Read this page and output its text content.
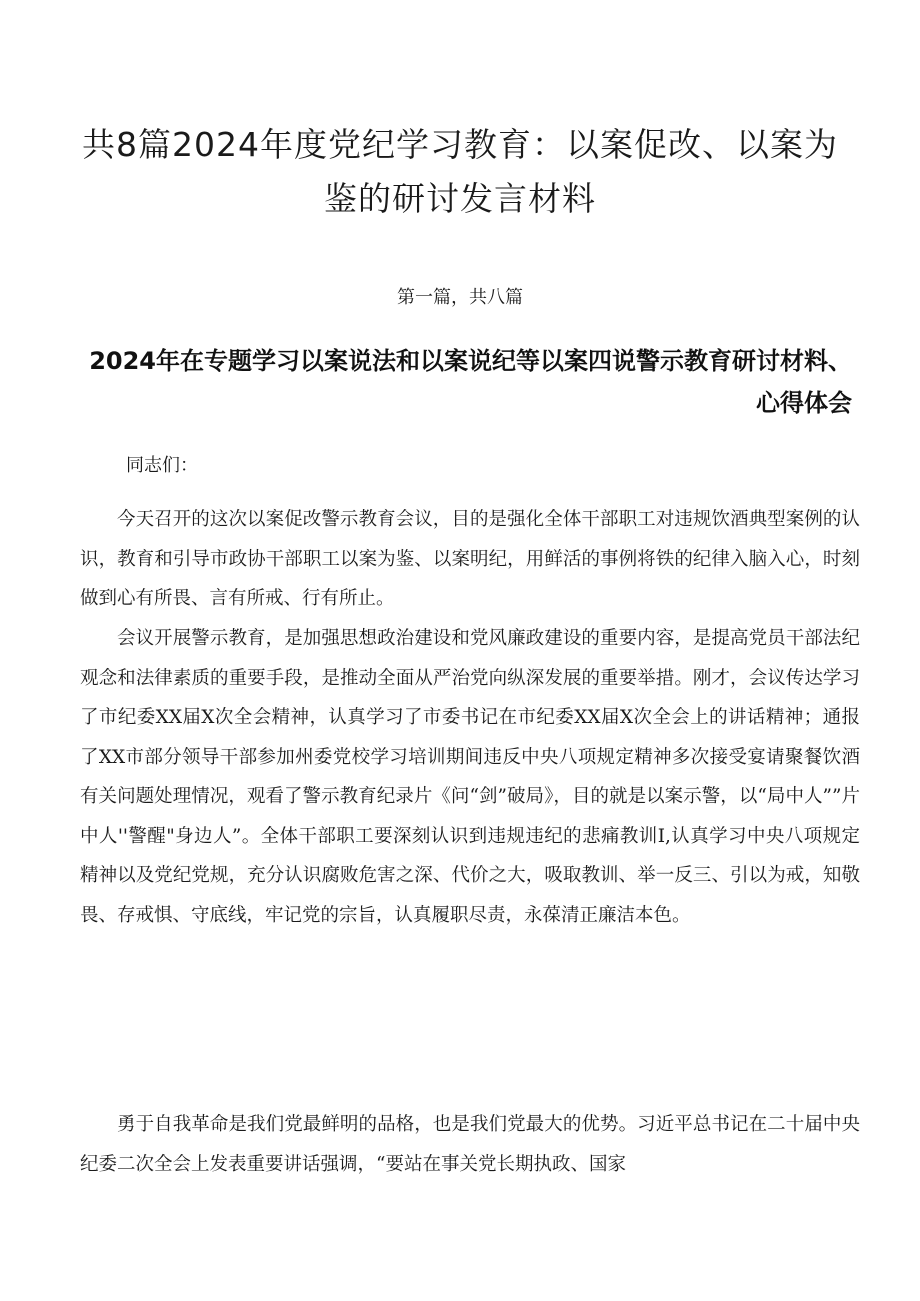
共8篇2024年度党纪学习教育：以案促改、以案为鉴的研讨发言材料
第一篇，共八篇
2024年在专题学习以案说法和以案说纪等以案四说警示教育研讨材料、心得体会
同志们：

今天召开的这次以案促改警示教育会议，目的是强化全体干部职工对违规饮酒典型案例的认识，教育和引导市政协干部职工以案为鉴、以案明纪，用鲜活的事例将铁的纪律入脑入心，时刻做到心有所畏、言有所戒、行有所止。

会议开展警示教育，是加强思想政治建设和党风廉政建设的重要内容，是提高党员干部法纪观念和法律素质的重要手段，是推动全面从严治党向纵深发展的重要举措。刚才，会议传达学习了市纪委XX届X次全会精神，认真学习了市委书记在市纪委XX届X次全会上的讲话精神；通报了XX市部分领导干部参加州委党校学习培训期间违反中央八项规定精神多次接受宴请聚餐饮酒有关问题处理情况，观看了警示教育纪录片《问“剑”破局》，目的就是以案示警，以“局中人””片中人''警醒"身边人”。全体干部职工要深刻认识到违规违纪的悲痛教训I,认真学习中央八项规定精神以及党纪党规，充分认识腐败危害之深、代价之大，吸取教训、举一反三、引以为戒，知敬畏、存戒惧、守底线，牢记党的宗旨，认真履职尽责，永葆清正廉洁本色。

勇于自我革命是我们党最鲜明的品格，也是我们党最大的优势。习近平总书记在二十届中央纪委二次全会上发表重要讲话强调，“要站在事关党长期执政、国家
